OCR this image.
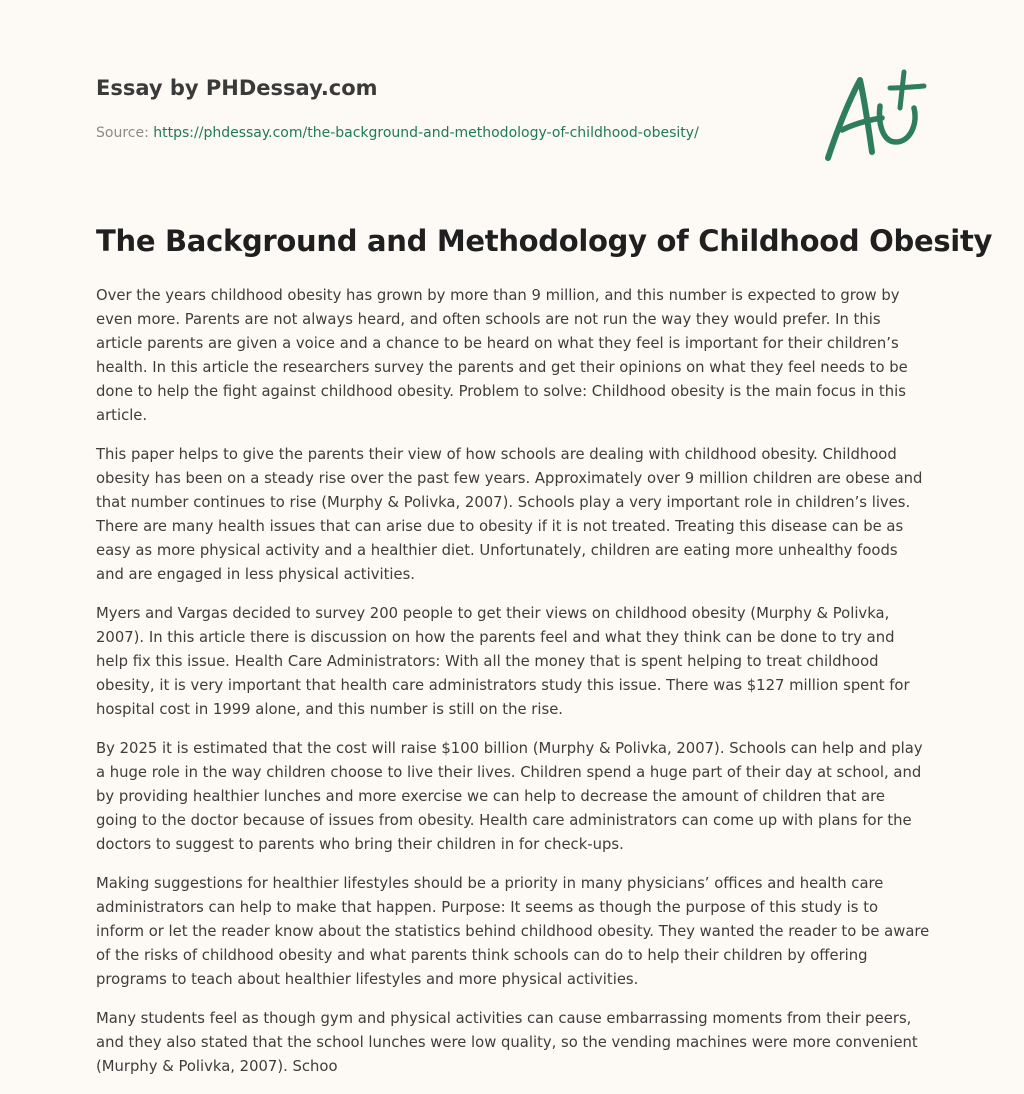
Essay by PHDessay.com

Source: https://phdessay.com/the-background-and-methodology-of-childhood-obesity/

The Background and Methodology of Childhood Obesity

Over the years childhood obesity has grown by more than 9 million, and this number is expected to grow by even more. Parents are not always heard, and often schools are not run the way they would prefer. In this article parents are given a voice and a chance to be heard on what they feel is important for their children’s health. In this article the researchers survey the parents and get their opinions on what they feel needs to be done to help the fight against childhood obesity. Problem to solve: Childhood obesity is the main focus in this article.

This paper helps to give the parents their view of how schools are dealing with childhood obesity. Childhood obesity has been on a steady rise over the past few years. Approximately over 9 million children are obese and that number continues to rise (Murphy & Polivka, 2007). Schools play a very important role in children’s lives. There are many health issues that can arise due to obesity if it is not treated. Treating this disease can be as easy as more physical activity and a healthier diet. Unfortunately, children are eating more unhealthy foods and are engaged in less physical activities.

Myers and Vargas decided to survey 200 people to get their views on childhood obesity (Murphy & Polivka, 2007). In this article there is discussion on how the parents feel and what they think can be done to try and help fix this issue. Health Care Administrators: With all the money that is spent helping to treat childhood obesity, it is very important that health care administrators study this issue. There was $127 million spent for hospital cost in 1999 alone, and this number is still on the rise.

By 2025 it is estimated that the cost will raise $100 billion (Murphy & Polivka, 2007). Schools can help and play a huge role in the way children choose to live their lives. Children spend a huge part of their day at school, and by providing healthier lunches and more exercise we can help to decrease the amount of children that are going to the doctor because of issues from obesity. Health care administrators can come up with plans for the doctors to suggest to parents who bring their children in for check-ups.

Making suggestions for healthier lifestyles should be a priority in many physicians’ offices and health care administrators can help to make that happen. Purpose: It seems as though the purpose of this study is to inform or let the reader know about the statistics behind childhood obesity. They wanted the reader to be aware of the risks of childhood obesity and what parents think schools can do to help their children by offering programs to teach about healthier lifestyles and more physical activities.

Many students feel as though gym and physical activities can cause embarrassing moments from their peers, and they also stated that the school lunches were low quality, so the vending machines were more convenient (Murphy & Polivka, 2007). Schoo
